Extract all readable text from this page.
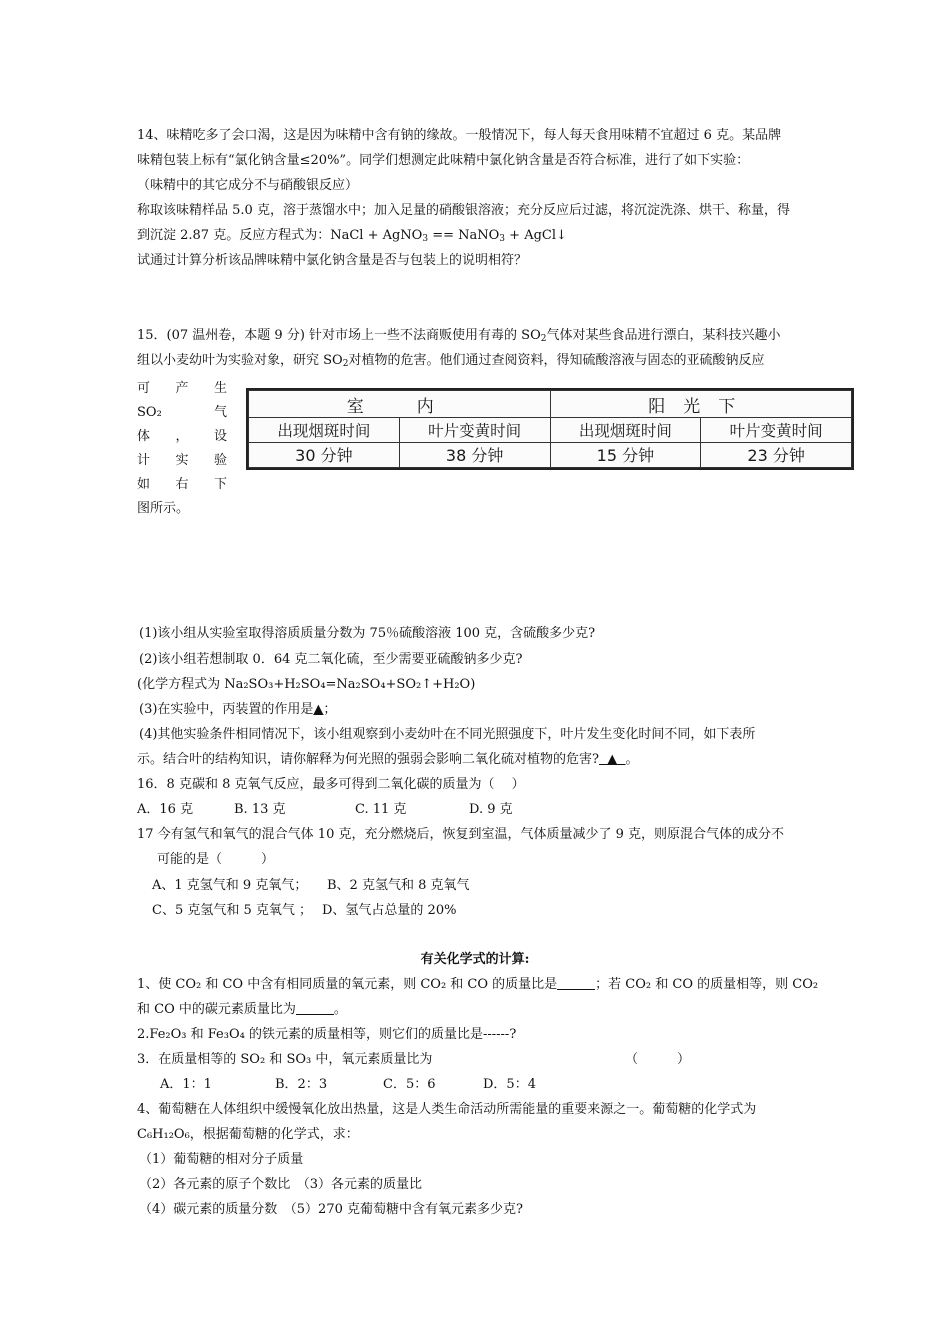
14、味精吃多了会口渴，这是因为味精中含有钠的缘故。一般情况下，每人每天食用味精不宜超过 6 克。某品牌
味精包装上标有“氯化钠含量≤20%”。同学们想测定此味精中氯化钠含量是否符合标准，进行了如下实验：
（味精中的其它成分不与硝酸银反应）
称取该味精样品 5.0 克，溶于蒸馏水中；加入足量的硝酸银溶液；充分反应后过滤，将沉淀洗涤、烘干、称量，得
到沉淀 2.87 克。反应方程式为：NaCl + AgNO$_3$ == NaNO$_3$ + AgCl↓
试通过计算分析该品牌味精中氯化钠含量是否与包装上的说明相符？
15．(07 温州卷，本题 9 分) 针对市场上一些不法商贩使用有毒的 $SO_2$气体对某些食品进行漂白，某科技兴趣小
组以小麦幼叶为实验对象，研究 $SO_2$对植物的危害。他们通过查阅资料，得知硫酸溶液与固态的亚硫酸钠反应
可 产 生
SO₂	气
体 ， 设
计 实 验
如 右 下
图所示。
室　内		阳光下	
出现烟斑时间	叶片变黄时间	出现烟斑时间	叶片变黄时间
30 分钟	38 分钟	15 分钟	23 分钟
(1)该小组从实验室取得溶质质量分数为 75％硫酸溶液 100 克，含硫酸多少克?
(2)该小组若想制取 0．64 克二氧化硫，至少需要亚硫酸钠多少克?
(化学方程式为 Na₂SO₃+H₂SO₄=Na₂SO₄+SO₂↑+H₂O)
(3)在实验中，丙装置的作用是▲；
(4)其他实验条件相同情况下，该小组观察到小麦幼叶在不同光照强度下，叶片发生变化时间不同，如下表所
示。结合叶的结构知识，请你解释为何光照的强弱会影响二氧化硫对植物的危害?  ▲  。
16．8 克碳和 8 克氧气反应，最多可得到二氧化碳的质量为（　 ）
A．16 克	B. 13 克	C. 11 克	D. 9 克
17 今有氢气和氧气的混合气体 10 克，充分燃烧后，恢复到室温，气体质量减少了 9 克，则原混合气体的成分不
可能的是（　　　）
A、1 克氢气和 9 克氧气； B、2 克氢气和 8 克氧气
C、5 克氢气和 5 克氧气 ； D、氢气占总量的 20%
有关化学式的计算:
1、使 CO₂ 和 CO 中含有相同质量的氧元素，则 CO₂ 和 CO 的质量比是	；若 CO₂ 和 CO 的质量相等，则 CO₂
和 CO 中的碳元素质量比为	。
2.Fe₂O₃ 和 Fe₃O₄ 的铁元素的质量相等，则它们的质量比是------?
3．在质量相等的 SO₂ 和 SO₃ 中，氧元素质量比为	（　　　）
A．1：1	B．2：3	C．5：6	D．5：4
4、葡萄糖在人体组织中缓慢氧化放出热量，这是人类生命活动所需能量的重要来源之一。葡萄糖的化学式为
C₆H₁₂O₆，根据葡萄糖的化学式，求：
（1）葡萄糖的相对分子质量
（2）各元素的原子个数比　（3）各元素的质量比
（4）碳元素的质量分数　（5）270 克葡萄糖中含有氧元素多少克?
